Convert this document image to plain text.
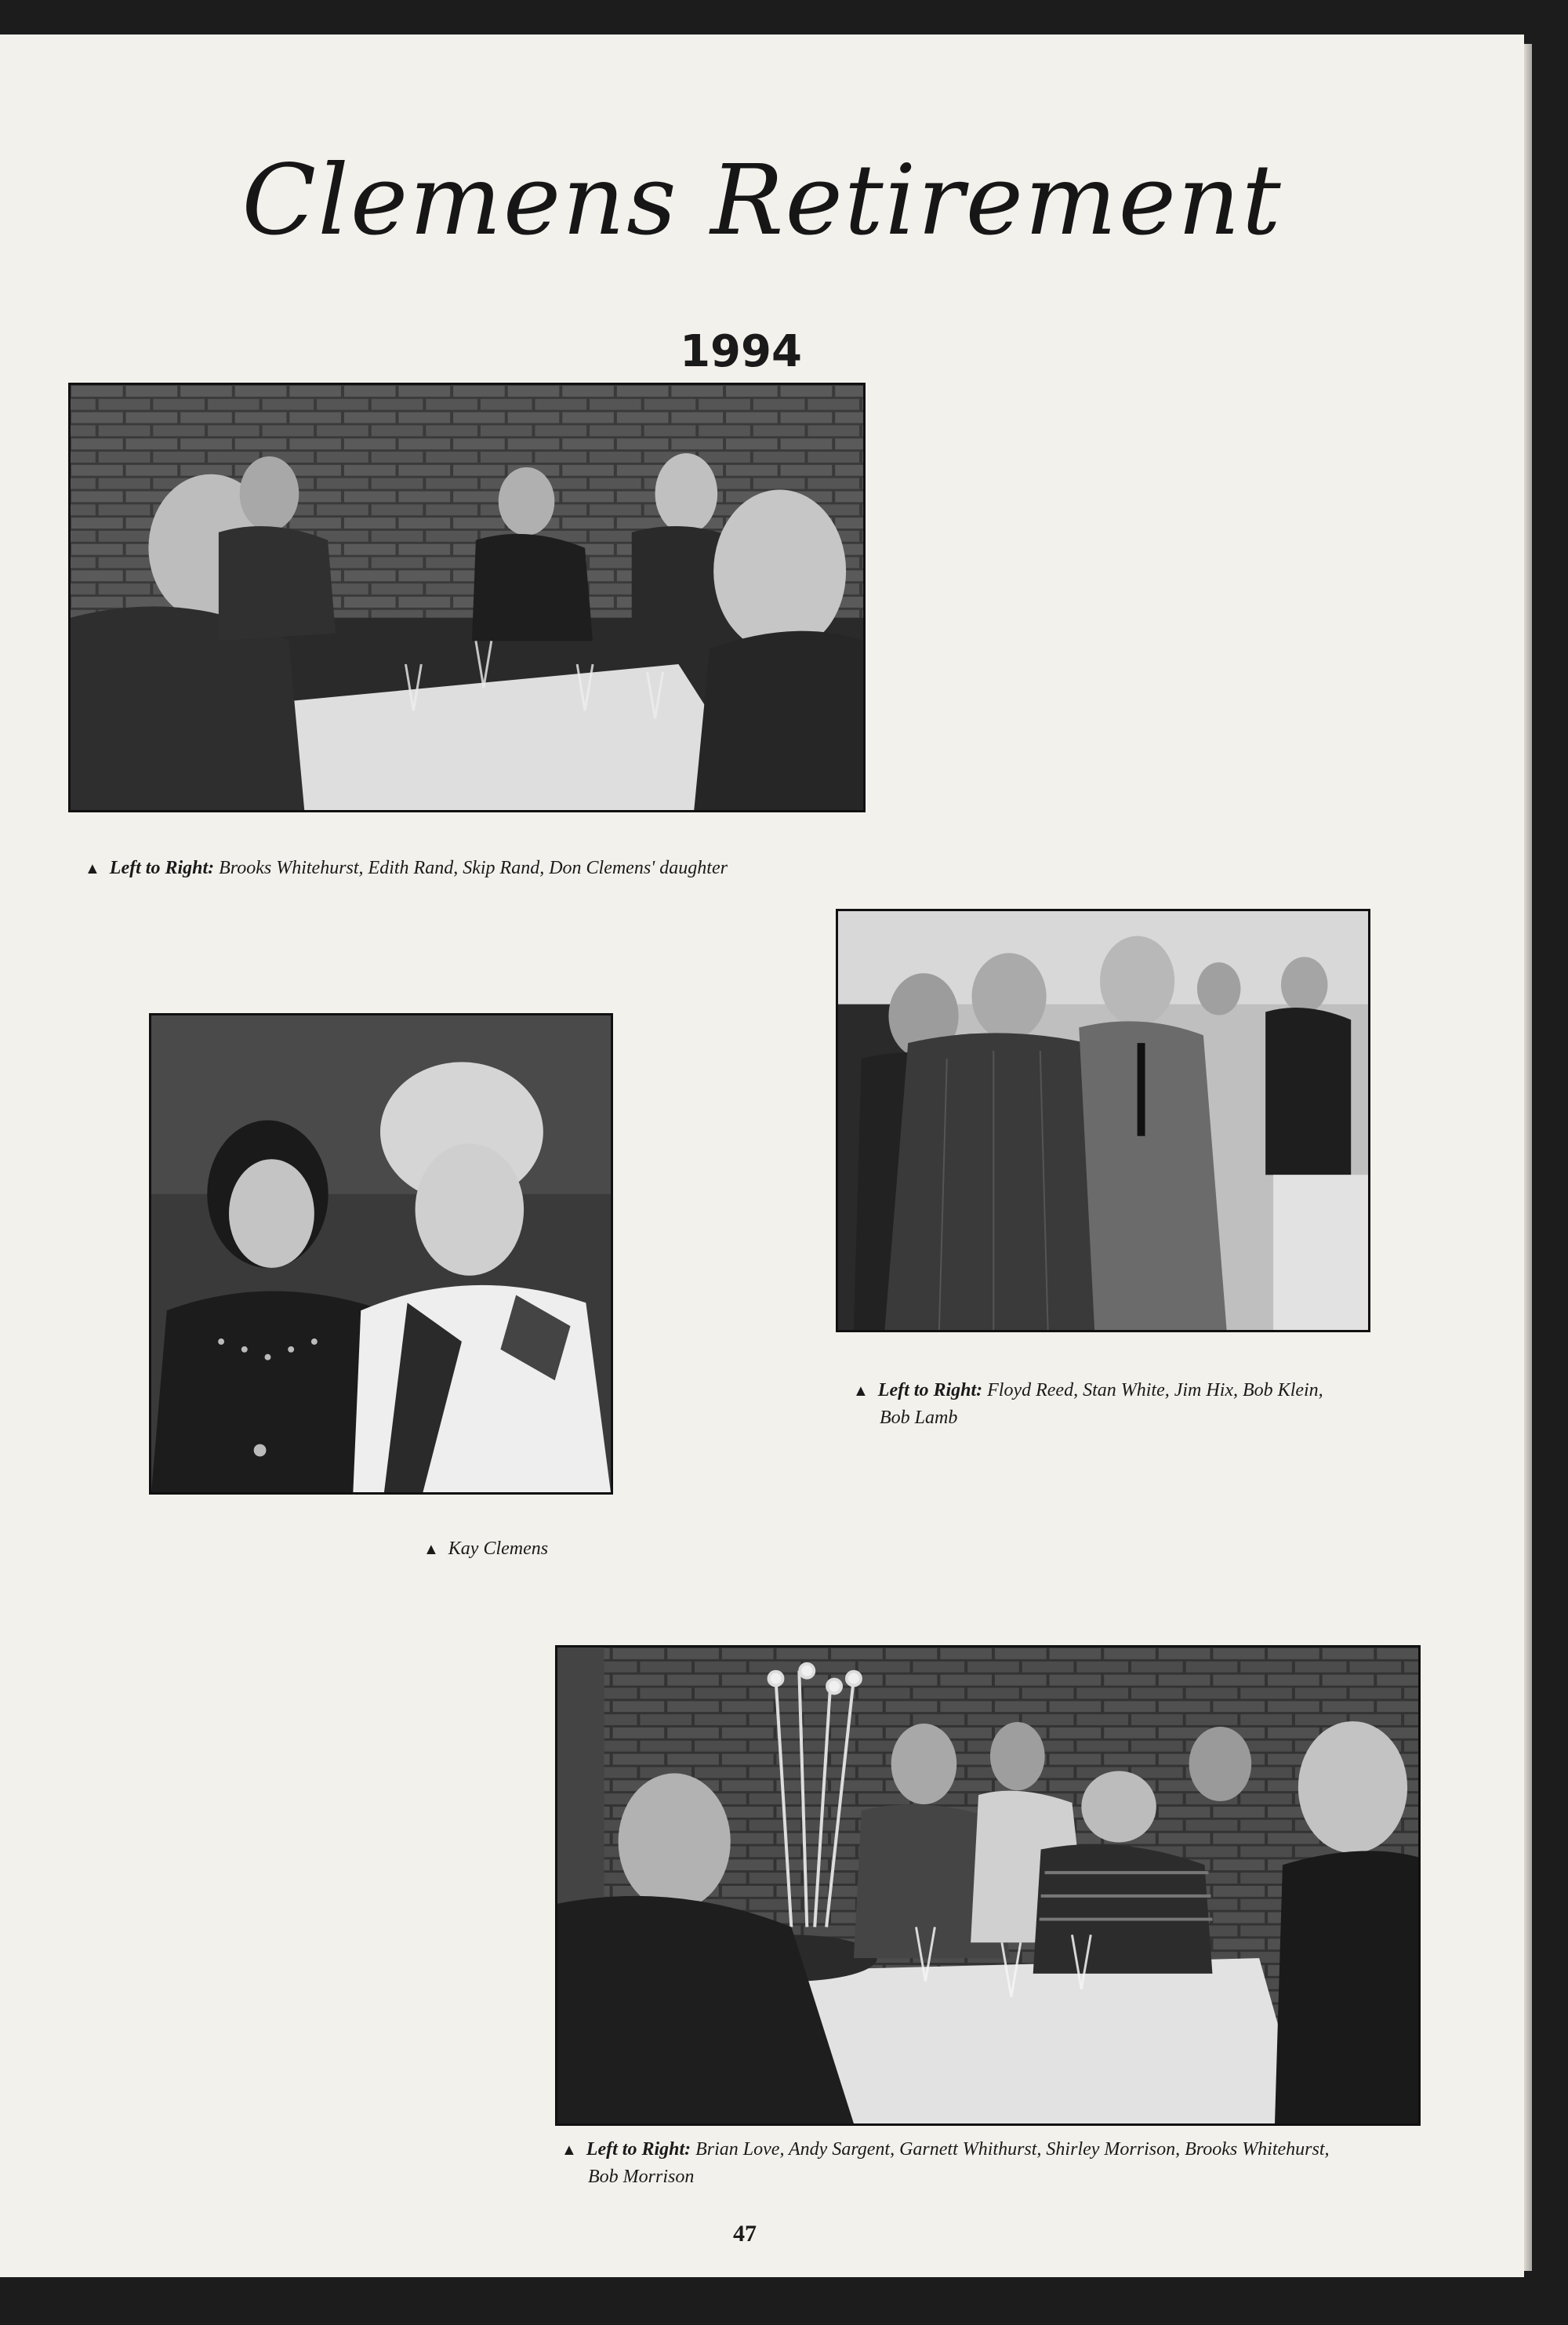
Clemens Retirement
1994
▲ Left to Right: Brooks Whitehurst, Edith Rand, Skip Rand, Don Clemens' daughter
▲ Left to Right: Floyd Reed, Stan White, Jim Hix, Bob Klein,
Bob Lamb
▲ Kay Clemens
▲ Left to Right: Brian Love, Andy Sargent, Garnett Whithurst, Shirley Morrison, Brooks Whitehurst,
Bob Morrison
47
